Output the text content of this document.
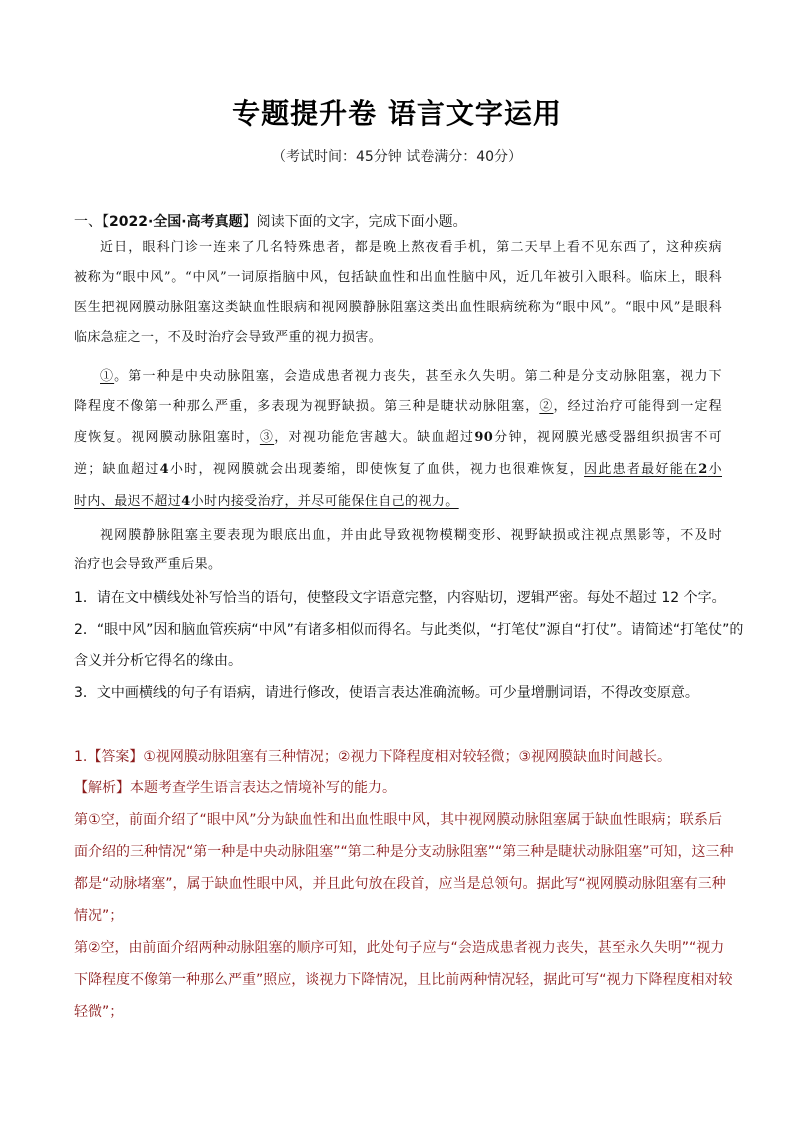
专题提升卷 语言文字运用
（考试时间：45分钟 试卷满分：40分）
一、【2022·全国·高考真题】阅读下面的文字，完成下面小题。
近日，眼科门诊一连来了几名特殊患者，都是晚上熬夜看手机，第二天早上看不见东西了，这种疾病
被称为“眼中风”。“中风”一词原指脑中风，包括缺血性和出血性脑中风，近几年被引入眼科。临床上，眼科
医生把视网膜动脉阻塞这类缺血性眼病和视网膜静脉阻塞这类出血性眼病统称为“眼中风”。“眼中风”是眼科
临床急症之一，不及时治疗会导致严重的视力损害。
①。第一种是中央动脉阻塞，会造成患者视力丧失，甚至永久失明。第二种是分支动脉阻塞，视力下
降程度不像第一种那么严重，多表现为视野缺损。第三种是睫状动脉阻塞，②，经过治疗可能得到一定程
度恢复。视网膜动脉阻塞时，③，对视功能危害越大。缺血超过90分钟，视网膜光感受器组织损害不可
逆；缺血超过4小时，视网膜就会出现萎缩，即使恢复了血供，视力也很难恢复，因此患者最好能在2小
时内、最迟不超过4小时内接受治疗，并尽可能保住自己的视力。
视网膜静脉阻塞主要表现为眼底出血，并由此导致视物模糊变形、视野缺损或注视点黑影等，不及时
治疗也会导致严重后果。
1．请在文中横线处补写恰当的语句，使整段文字语意完整，内容贴切，逻辑严密。每处不超过 12 个字。
2．“眼中风”因和脑血管疾病“中风”有诸多相似而得名。与此类似，“打笔仗”源自“打仗”。请简述“打笔仗”的
含义并分析它得名的缘由。
3．文中画横线的句子有语病，请进行修改，使语言表达准确流畅。可少量增删词语，不得改变原意。
1.【答案】①视网膜动脉阻塞有三种情况；②视力下降程度相对较轻微；③视网膜缺血时间越长。
【解析】本题考查学生语言表达之情境补写的能力。
第①空，前面介绍了“眼中风”分为缺血性和出血性眼中风，其中视网膜动脉阻塞属于缺血性眼病；联系后
面介绍的三种情况“第一种是中央动脉阻塞”“第二种是分支动脉阻塞”“第三种是睫状动脉阻塞”可知，这三种
都是“动脉堵塞”，属于缺血性眼中风，并且此句放在段首，应当是总领句。据此写“视网膜动脉阻塞有三种
情况”；
第②空，由前面介绍两种动脉阻塞的顺序可知，此处句子应与“会造成患者视力丧失，甚至永久失明”“视力
下降程度不像第一种那么严重”照应，谈视力下降情况，且比前两种情况轻，据此可写“视力下降程度相对较
轻微”；
